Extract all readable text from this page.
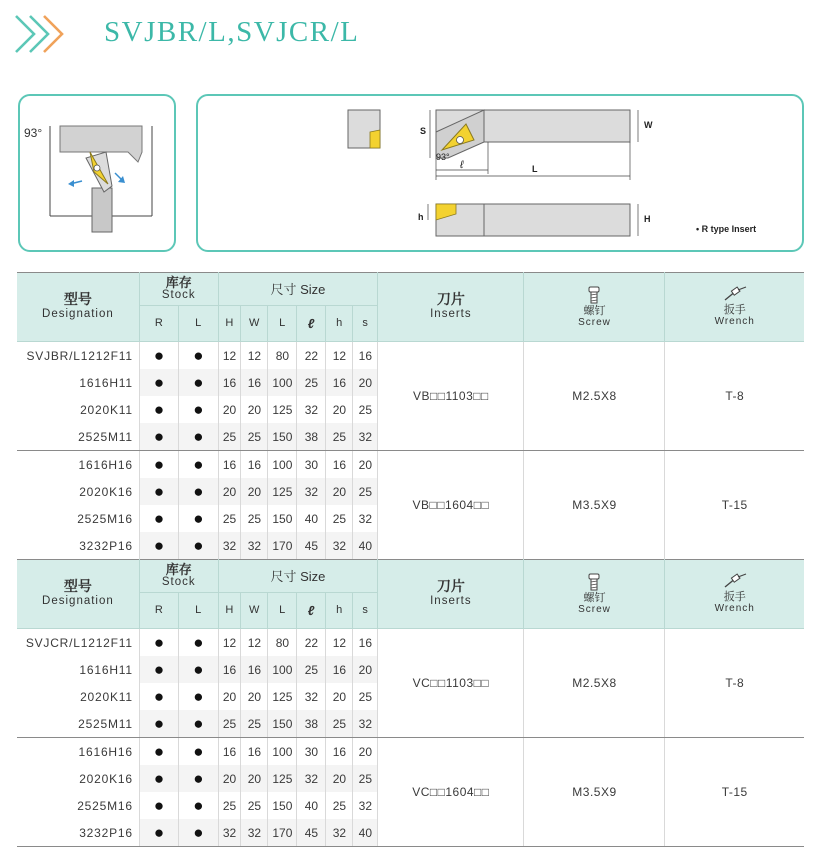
SVJBR/L,SVJCR/L
93°	S
W
93°
ℓ	L
h	H
• R type Insert
型号
Designation	库存
Stock		尺寸 Size						刀片
Inserts	螺钉
Screw	扳手
Wrench

	R	L	H	W	L	ℓ	h	s			
SVJBR/L1212F11	●	●	12	12	80	22	12	16	VB□□1103□□	M2.5X8	T-8
1616H11	●	●	16	16	100	25	16	20			
2020K11	●	●	20	20	125	32	20	25			
2525M11	●	●	25	25	150	38	25	32			
1616H16	●	●	16	16	100	30	16	20	VB□□1604□□	M3.5X9	T-15
2020K16	●	●	20	20	125	32	20	25			
2525M16	●	●	25	25	150	40	25	32			
3232P16	●	●	32	32	170	45	32	40			
型号
Designation	库存
Stock		尺寸 Size						刀片
Inserts	螺钉
Screw	扳手
Wrench

	R	L	H	W	L	ℓ	h	s			
SVJCR/L1212F11	●	●	12	12	80	22	12	16	VC□□1103□□	M2.5X8	T-8
1616H11	●	●	16	16	100	25	16	20			
2020K11	●	●	20	20	125	32	20	25			
2525M11	●	●	25	25	150	38	25	32			
1616H16	●	●	16	16	100	30	16	20	VC□□1604□□	M3.5X9	T-15
2020K16	●	●	20	20	125	32	20	25			
2525M16	●	●	25	25	150	40	25	32			
3232P16	●	●	32	32	170	45	32	40			
